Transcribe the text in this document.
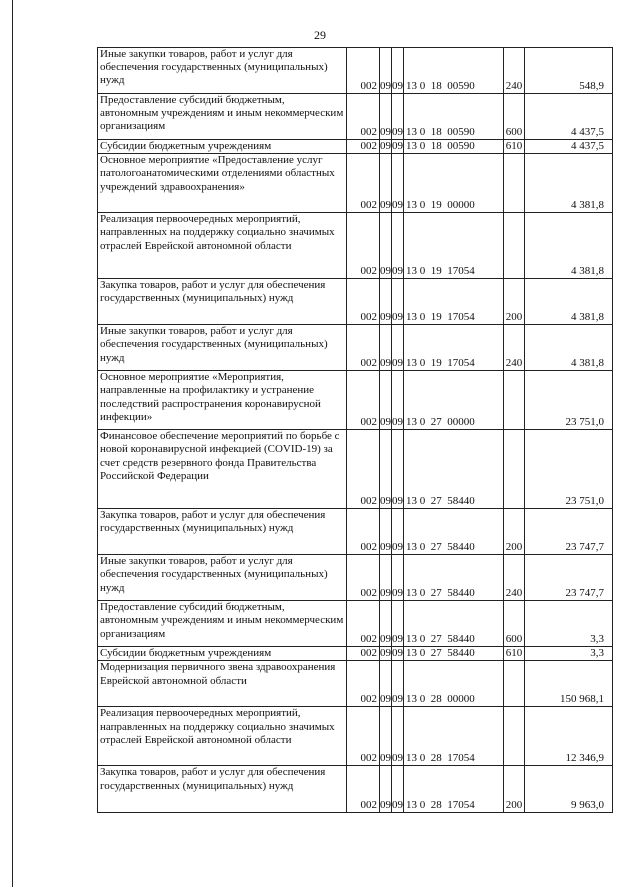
29
Иные закупки товаров, работ и услуг для обеспечения государственных (муниципальных) нужд	002	09	09	13 0  18  00590	240	548,9
Предоставление субсидий бюджетным, автономным учреждениям и иным некоммерческим организациям	002	09	09	13 0  18  00590	600	4 437,5
Субсидии бюджетным учреждениям	002	09	09	13 0  18  00590	610	4 437,5
Основное мероприятие «Предоставление услуг патологоанатомическими отделениями областных учреждений здравоохранения»	002	09	09	13 0  19  00000		4 381,8
Реализация первоочередных мероприятий, направленных на поддержку социально значимых отраслей Еврейской автономной области	002	09	09	13 0  19  17054		4 381,8
Закупка товаров, работ и услуг для обеспечения государственных (муниципальных) нужд	002	09	09	13 0  19  17054	200	4 381,8
Иные закупки товаров, работ и услуг для обеспечения государственных (муниципальных) нужд	002	09	09	13 0  19  17054	240	4 381,8
Основное мероприятие «Мероприятия, направленные на профилактику и устранение последствий распространения коронавирусной инфекции»	002	09	09	13 0  27  00000		23 751,0
Финансовое обеспечение мероприятий по борьбе с новой коронавирусной инфекцией (COVID-19) за счет средств резервного фонда Правительства Российской Федерации	002	09	09	13 0  27  58440		23 751,0
Закупка товаров, работ и услуг для обеспечения государственных (муниципальных) нужд	002	09	09	13 0  27  58440	200	23 747,7
Иные закупки товаров, работ и услуг для обеспечения государственных (муниципальных) нужд	002	09	09	13 0  27  58440	240	23 747,7
Предоставление субсидий бюджетным, автономным учреждениям и иным некоммерческим организациям	002	09	09	13 0  27  58440	600	3,3
Субсидии бюджетным учреждениям	002	09	09	13 0  27  58440	610	3,3
Модернизация первичного звена здравоохранения Еврейской автономной области	002	09	09	13 0  28  00000		150 968,1
Реализация первоочередных мероприятий, направленных на поддержку социально значимых отраслей Еврейской автономной области	002	09	09	13 0  28  17054		12 346,9
Закупка товаров, работ и услуг для обеспечения государственных (муниципальных) нужд	002	09	09	13 0  28  17054	200	9 963,0
